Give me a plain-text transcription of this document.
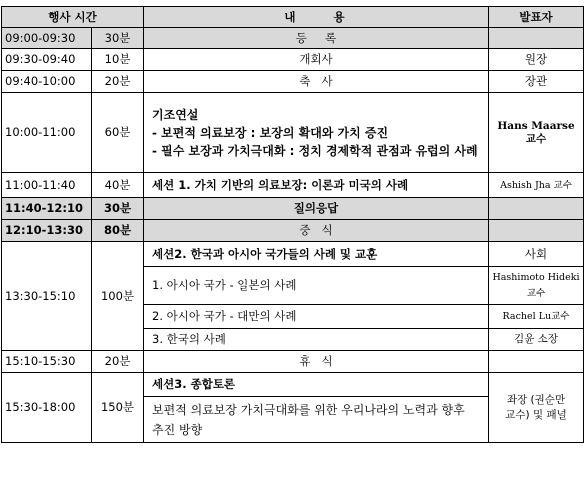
행사 시간		내     용	발표자
09:00-09:30	30분	등     록	
09:30-09:40	10분	개회사	원장
09:40-10:00	20분	축   사	장관
10:00-11:00	60분	기조연설
- 보편적 의료보장 : 보장의 확대와 가치 증진
- 필수 보장과 가치극대화 : 정치 경제학적 관점과 유럽의 사례	Hans Maarse 교수
11:00-11:40	40분	세션 1. 가치 기반의 의료보장: 이론과 미국의 사례	Ashish Jha 교수
11:40-12:10	30분	질의응답	
12:10-13:30	80분	중   식	
13:30-15:10	100분	세션2. 한국과 아시아 국가들의 사례 및 교훈	사회
		1. 아시아 국가 - 일본의 사례	Hashimoto Hideki 교수
		2. 아시아 국가 - 대만의 사례	Rachel Lu교수
		3. 한국의 사례	김윤 소장
15:10-15:30	20분	휴   식	
15:30-18:00	150분	세션3. 종합토론	좌장 (권순만 교수) 및 패널
		보편적 의료보장 가치극대화를 위한 우리나라의 노력과 향후 추진 방향	
